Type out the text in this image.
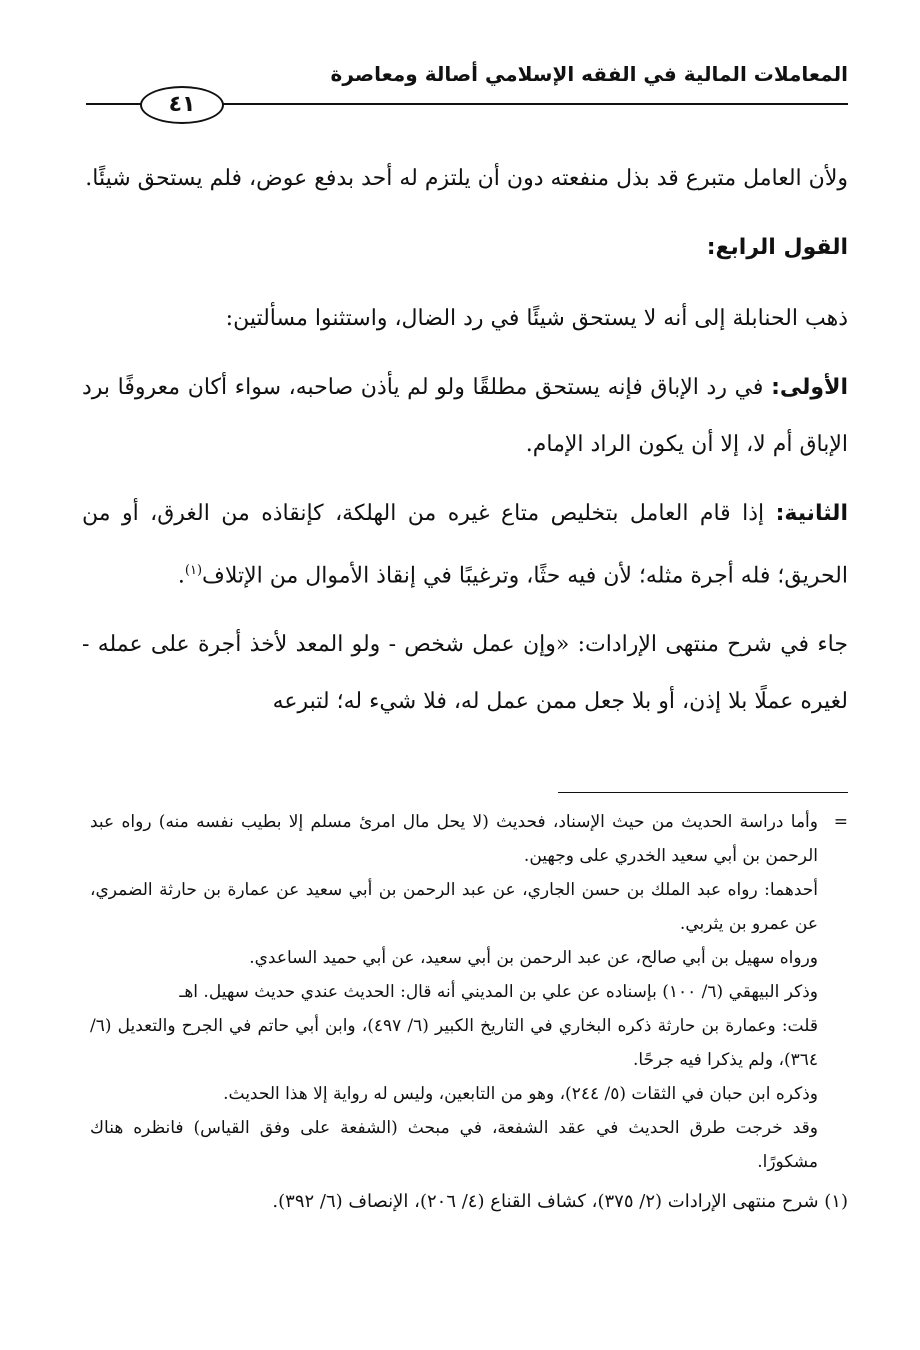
المعاملات المالية في الفقه الإسلامي أصالة ومعاصرة
٤١

ولأن العامل متبرع قد بذل منفعته دون أن يلتزم له أحد بدفع عوض، فلم يستحق شيئًا.

القول الرابع:

ذهب الحنابلة إلى أنه لا يستحق شيئًا في رد الضال، واستثنوا مسألتين:

الأولى: في رد الإباق فإنه يستحق مطلقًا ولو لم يأذن صاحبه، سواء أكان معروفًا برد الإباق أم لا، إلا أن يكون الراد الإمام.

الثانية: إذا قام العامل بتخليص متاع غيره من الهلكة، كإنقاذه من الغرق، أو من الحريق؛ فله أجرة مثله؛ لأن فيه حثًا، وترغيبًا في إنقاذ الأموال من الإتلاف$^{(١)}$.

جاء في شرح منتهى الإرادات: «وإن عمل شخص - ولو المعد لأخذ أجرة على عمله - لغيره عملًا بلا إذن، أو بلا جعل ممن عمل له، فلا شيء له؛ لتبرعه

=
وأما دراسة الحديث من حيث الإسناد، فحديث (لا يحل مال امرئ مسلم إلا بطيب نفسه منه) رواه عبد الرحمن بن أبي سعيد الخدري على وجهين.

أحدهما: رواه عبد الملك بن حسن الجاري، عن عبد الرحمن بن أبي سعيد عن عمارة بن حارثة الضمري، عن عمرو بن يثربي.

ورواه سهيل بن أبي صالح، عن عبد الرحمن بن أبي سعيد، عن أبي حميد الساعدي.

وذكر البيهقي (٦/ ١٠٠) بإسناده عن علي بن المديني أنه قال: الحديث عندي حديث سهيل. اهـ

قلت: وعمارة بن حارثة ذكره البخاري في التاريخ الكبير (٦/ ٤٩٧)، وابن أبي حاتم في الجرح والتعديل (٦/ ٣٦٤)، ولم يذكرا فيه جرحًا.

وذكره ابن حبان في الثقات (٥/ ٢٤٤)، وهو من التابعين، وليس له رواية إلا هذا الحديث.

وقد خرجت طرق الحديث في عقد الشفعة، في مبحث (الشفعة على وفق القياس) فانظره هناك مشكورًا.

(١) شرح منتهى الإرادات (٢/ ٣٧٥)، كشاف القناع (٤/ ٢٠٦)، الإنصاف (٦/ ٣٩٢).
